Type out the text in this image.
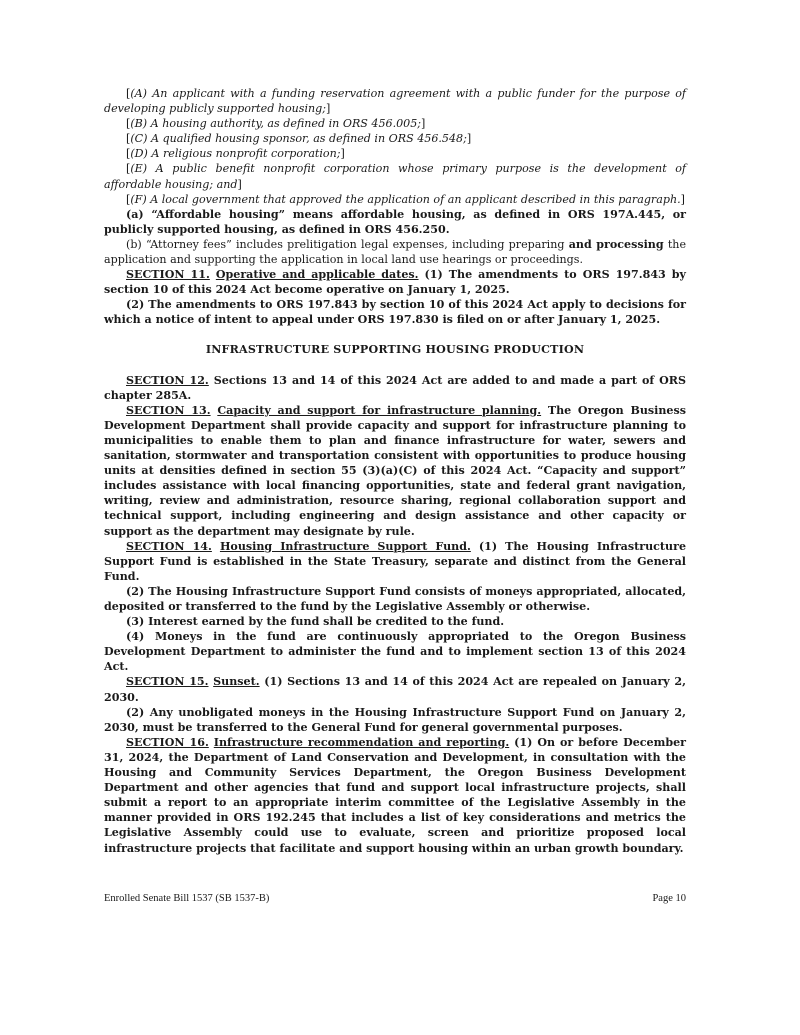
[(A) An applicant with a funding reservation agreement with a public funder for the purpose of developing publicly supported housing;]

[(B) A housing authority, as defined in ORS 456.005;]

[(C) A qualified housing sponsor, as defined in ORS 456.548;]

[(D) A religious nonprofit corporation;]

[(E) A public benefit nonprofit corporation whose primary purpose is the development of affordable housing; and]

[(F) A local government that approved the application of an applicant described in this paragraph.]

(a) “Affordable housing” means affordable housing, as defined in ORS 197A.445, or publicly supported housing, as defined in ORS 456.250.

(b) “Attorney fees” includes prelitigation legal expenses, including preparing and processing the application and supporting the application in local land use hearings or proceedings.

SECTION 11. Operative and applicable dates. (1) The amendments to ORS 197.843 by section 10 of this 2024 Act become operative on January 1, 2025.

(2) The amendments to ORS 197.843 by section 10 of this 2024 Act apply to decisions for which a notice of intent to appeal under ORS 197.830 is filed on or after January 1, 2025.

INFRASTRUCTURE SUPPORTING HOUSING PRODUCTION

SECTION 12. Sections 13 and 14 of this 2024 Act are added to and made a part of ORS chapter 285A.

SECTION 13. Capacity and support for infrastructure planning. The Oregon Business Development Department shall provide capacity and support for infrastructure planning to municipalities to enable them to plan and finance infrastructure for water, sewers and sanitation, stormwater and transportation consistent with opportunities to produce housing units at densities defined in section 55 (3)(a)(C) of this 2024 Act. “Capacity and support” includes assistance with local financing opportunities, state and federal grant navigation, writing, review and administration, resource sharing, regional collaboration support and technical support, including engineering and design assistance and other capacity or support as the department may designate by rule.

SECTION 14. Housing Infrastructure Support Fund. (1) The Housing Infrastructure Support Fund is established in the State Treasury, separate and distinct from the General Fund.

(2) The Housing Infrastructure Support Fund consists of moneys appropriated, allocated, deposited or transferred to the fund by the Legislative Assembly or otherwise.

(3) Interest earned by the fund shall be credited to the fund.

(4) Moneys in the fund are continuously appropriated to the Oregon Business Development Department to administer the fund and to implement section 13 of this 2024 Act.

SECTION 15. Sunset. (1) Sections 13 and 14 of this 2024 Act are repealed on January 2, 2030.

(2) Any unobligated moneys in the Housing Infrastructure Support Fund on January 2, 2030, must be transferred to the General Fund for general governmental purposes.

SECTION 16. Infrastructure recommendation and reporting. (1) On or before December 31, 2024, the Department of Land Conservation and Development, in consultation with the Housing and Community Services Department, the Oregon Business Development Department and other agencies that fund and support local infrastructure projects, shall submit a report to an appropriate interim committee of the Legislative Assembly in the manner provided in ORS 192.245 that includes a list of key considerations and metrics the Legislative Assembly could use to evaluate, screen and prioritize proposed local infrastructure projects that facilitate and support housing within an urban growth boundary.

Enrolled Senate Bill 1537 (SB 1537-B)	Page 10
